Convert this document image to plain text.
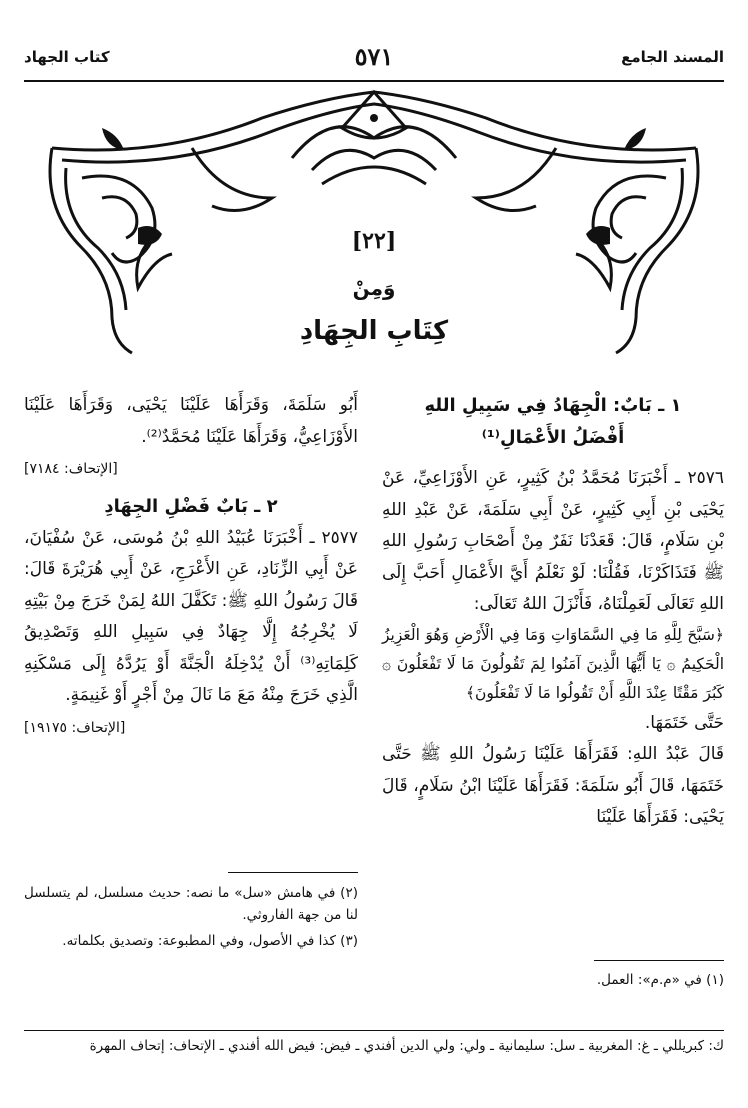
المسند الجامع
٥٧١
كتاب الجهاد
[٢٢]
وَمِنْ
كِتَابِ الجِهَادِ

١ ـ بَابٌ: الْجِهَادُ فِي سَبِيلِ اللهِ

أَفْضَلُ الأَعْمَالِ⁽¹⁾

٢٥٧٦ ـ أَخْبَرَنَا مُحَمَّدُ بْنُ كَثِيرٍ، عَنِ الأَوْزَاعِيِّ، عَنْ يَحْيَى بْنِ أَبِي كَثِيرٍ، عَنْ أَبِي سَلَمَةَ، عَنْ عَبْدِ اللهِ بْنِ سَلَامٍ، قَالَ: قَعَدْنَا نَفَرٌ مِنْ أَصْحَابِ رَسُولِ اللهِ ﷺ فَتَذَاكَرْنَا، فَقُلْنَا: لَوْ نَعْلَمُ أَيَّ الأَعْمَالِ أَحَبَّ إِلَى اللهِ تَعَالَى لَعَمِلْنَاهُ، فَأَنْزَلَ اللهُ تَعَالَى:

﴿سَبَّحَ لِلَّهِ مَا فِي السَّمَاوَاتِ وَمَا فِي الْأَرْضِ وَهُوَ الْعَزِيزُ الْحَكِيمُ ۞ يَا أَيُّهَا الَّذِينَ آمَنُوا لِمَ تَقُولُونَ مَا لَا تَفْعَلُونَ ۞ كَبُرَ مَقْتًا عِنْدَ اللَّهِ أَنْ تَقُولُوا مَا لَا تَفْعَلُونَ﴾

حَتَّى خَتَمَهَا.

قَالَ عَبْدُ اللهِ: فَقَرَأَهَا عَلَيْنَا رَسُولُ اللهِ ﷺ حَتَّى خَتَمَهَا، قَالَ أَبُو سَلَمَةَ: فَقَرَأَهَا عَلَيْنَا ابْنُ سَلَامٍ، قَالَ يَحْيَى: فَقَرَأَهَا عَلَيْنَا

(١) في «م.م»: العمل.

أَبُو سَلَمَةَ، وَقَرَأَهَا عَلَيْنَا يَحْيَى، وَقَرَأَهَا عَلَيْنَا الأَوْزَاعِيُّ، وَقَرَأَهَا عَلَيْنَا مُحَمَّدٌ⁽²⁾.

[الإتحاف: ٧١٨٤]

٢ ـ بَابٌ فَضْلِ الجِهَادِ

٢٥٧٧ ـ أَخْبَرَنَا عُبَيْدُ اللهِ بْنُ مُوسَى، عَنْ سُفْيَانَ، عَنْ أَبِي الزِّنَادِ، عَنِ الأَعْرَجِ، عَنْ أَبِي هُرَيْرَةَ قَالَ: قَالَ رَسُولُ اللهِ ﷺ: تَكَفَّلَ اللهُ لِمَنْ خَرَجَ مِنْ بَيْتِهِ لَا يُخْرِجُهُ إِلَّا جِهَادٌ فِي سَبِيلِ اللهِ وَتَصْدِيقُ كَلِمَاتِهِ⁽³⁾ أَنْ يُدْخِلَهُ الْجَنَّةَ أَوْ يَرُدَّهُ إِلَى مَسْكَنِهِ الَّذِي خَرَجَ مِنْهُ مَعَ مَا نَالَ مِنْ أَجْرٍ أَوْ غَنِيمَةٍ.

[الإتحاف: ١٩١٧٥]

(٢) في هامش «سل» ما نصه: حديث مسلسل، لم يتسلسل لنا من جهة الفاروثي.

(٣) كذا في الأصول، وفي المطبوعة: وتصديق بكلماته.

ك: كبريللي ـ غ: المغربية ـ سل: سليمانية ـ ولي: ولي الدين أفندي ـ فيض: فيض الله أفندي ـ الإتحاف: إتحاف المهرة
